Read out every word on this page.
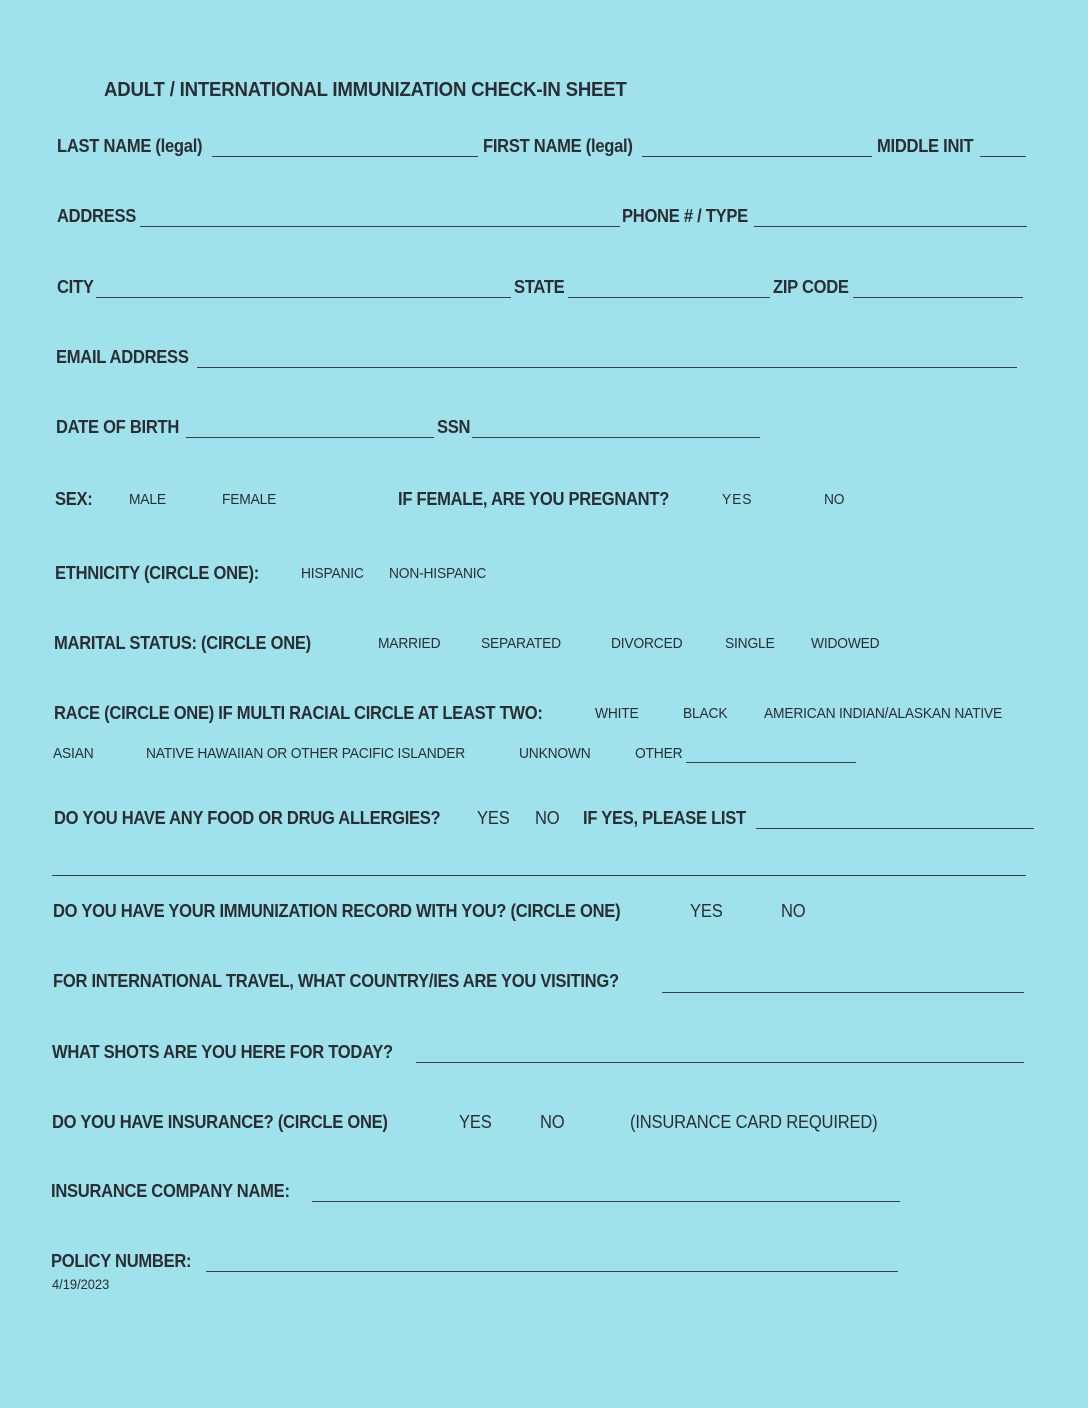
ADULT / INTERNATIONAL IMMUNIZATION CHECK-IN SHEET
LAST NAME (legal)	FIRST NAME (legal)	MIDDLE INIT
ADDRESS	PHONE # / TYPE
CITY	STATE	ZIP CODE
EMAIL ADDRESS
DATE OF BIRTH	SSN
SEX: MALE	FEMALE	IF FEMALE, ARE YOU PREGNANT?	YES	NO
ETHNICITY (CIRCLE ONE):	HISPANIC NON-HISPANIC
MARITAL STATUS: (CIRCLE ONE)	MARRIED	SEPARATED	DIVORCED	SINGLE WIDOWED
RACE (CIRCLE ONE) IF MULTI RACIAL CIRCLE AT LEAST TWO:	WHITE	BLACK AMERICAN INDIAN/ALASKAN NATIVE
ASIAN	NATIVE HAWAIIAN OR OTHER PACIFIC ISLANDER	UNKNOWN	OTHER
DO YOU HAVE ANY FOOD OR DRUG ALLERGIES? YES NO IF YES, PLEASE LIST
DO YOU HAVE YOUR IMMUNIZATION RECORD WITH YOU? (CIRCLE ONE)	YES	NO
FOR INTERNATIONAL TRAVEL, WHAT COUNTRY/IES ARE YOU VISITING?
WHAT SHOTS ARE YOU HERE FOR TODAY?
DO YOU HAVE INSURANCE? (CIRCLE ONE)	YES	NO	(INSURANCE CARD REQUIRED)
INSURANCE COMPANY NAME:
POLICY NUMBER:
4/19/2023
